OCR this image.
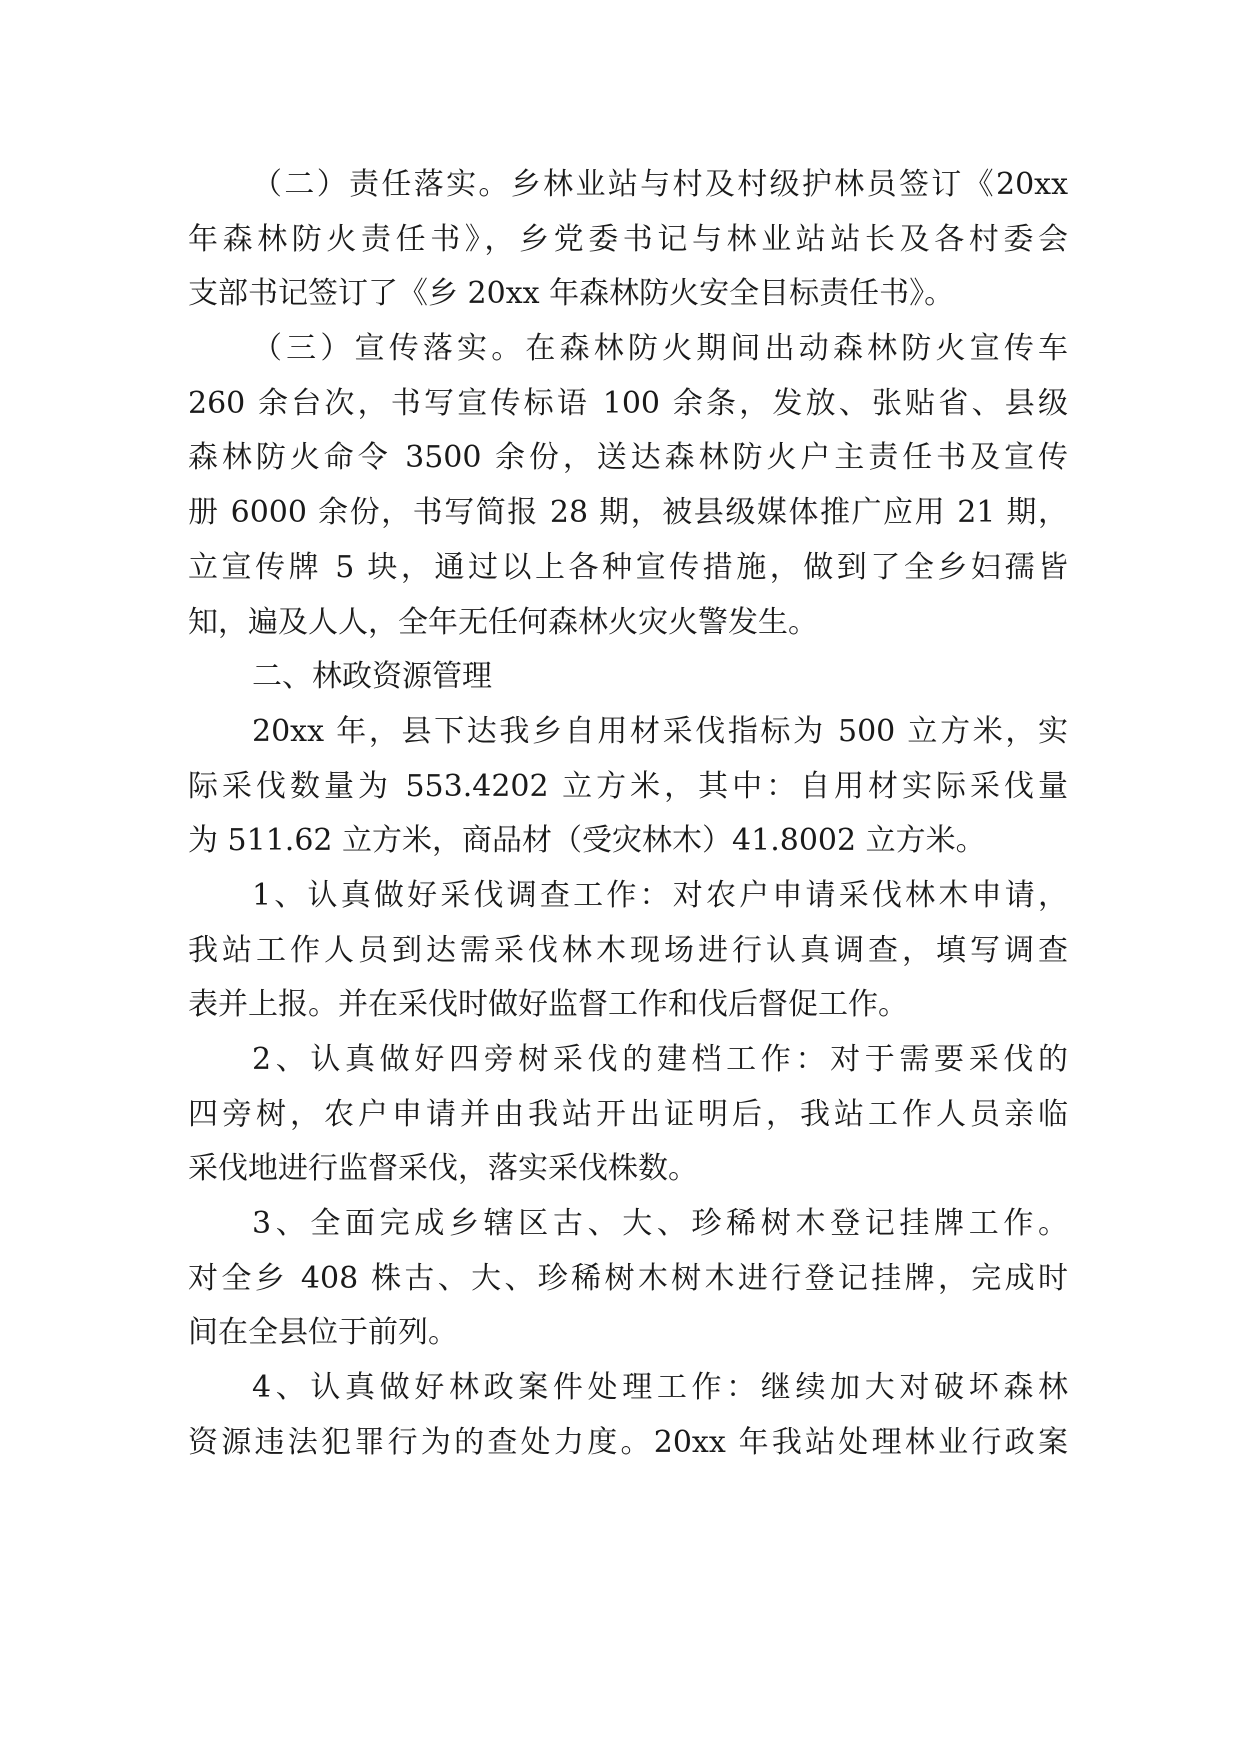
（二）责任落实。乡林业站与村及村级护林员签订《20xx
年森林防火责任书》，乡党委书记与林业站站长及各村委会
支部书记签订了《乡 20xx 年森林防火安全目标责任书》。
（三）宣传落实。在森林防火期间出动森林防火宣传车
260 余台次，书写宣传标语 100 余条，发放、张贴省、县级
森林防火命令 3500 余份，送达森林防火户主责任书及宣传
册 6000 余份，书写简报 28 期，被县级媒体推广应用 21 期，
立宣传牌 5 块，通过以上各种宣传措施，做到了全乡妇孺皆
知，遍及人人，全年无任何森林火灾火警发生。
二、林政资源管理
20xx 年，县下达我乡自用材采伐指标为 500 立方米，实
际采伐数量为 553.4202 立方米，其中：自用材实际采伐量
为 511.62 立方米，商品材（受灾林木）41.8002 立方米。
1、认真做好采伐调查工作：对农户申请采伐林木申请，
我站工作人员到达需采伐林木现场进行认真调查，填写调查
表并上报。并在采伐时做好监督工作和伐后督促工作。
2、认真做好四旁树采伐的建档工作：对于需要采伐的
四旁树，农户申请并由我站开出证明后，我站工作人员亲临
采伐地进行监督采伐，落实采伐株数。
3、全面完成乡辖区古、大、珍稀树木登记挂牌工作。
对全乡 408 株古、大、珍稀树木树木进行登记挂牌，完成时
间在全县位于前列。
4、认真做好林政案件处理工作：继续加大对破坏森林
资源违法犯罪行为的查处力度。20xx 年我站处理林业行政案
